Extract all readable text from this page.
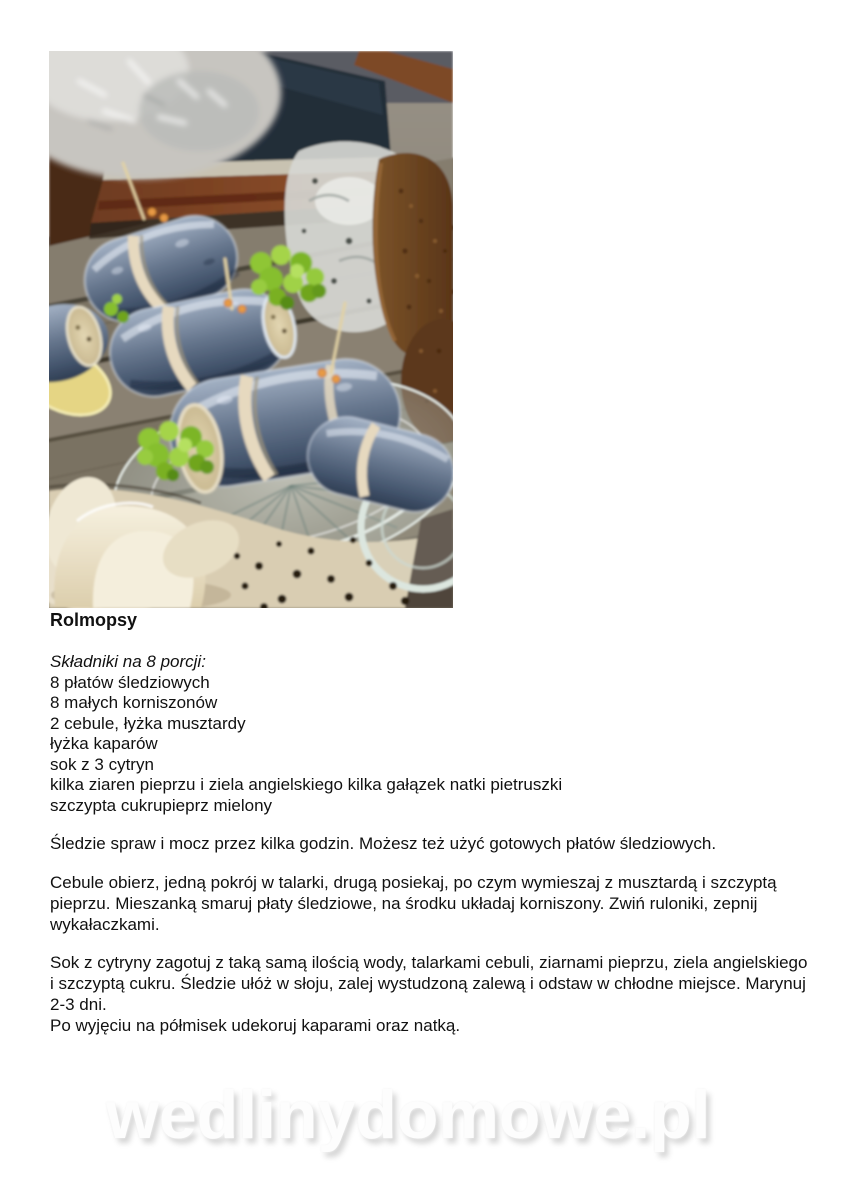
Rolmopsy
Składniki na 8 porcji:
8 płatów śledziowych
8 małych korniszonów
2 cebule, łyżka musztardy
łyżka kaparów
sok z 3 cytryn
kilka ziaren pieprzu i ziela angielskiego kilka gałązek natki pietruszki
szczypta cukrupieprz mielony

Śledzie spraw i mocz przez kilka godzin. Możesz też użyć gotowych płatów śledziowych.

Cebule obierz, jedną pokrój w talarki, drugą posiekaj, po czym wymieszaj z musztardą i szczyptą pieprzu. Mieszanką smaruj płaty śledziowe, na środku układaj korniszony. Zwiń ruloniki, zepnij wykałaczkami.

Sok z cytryny zagotuj z taką samą ilością wody, talarkami cebuli, ziarnami pieprzu, ziela angielskiego i szczyptą cukru. Śledzie ułóż w słoju, zalej wystudzoną zalewą i odstaw w chłodne miejsce. Marynuj 2-3 dni.

Po wyjęciu na półmisek udekoruj kaparami oraz natką.

wedlinydomowe.pl
